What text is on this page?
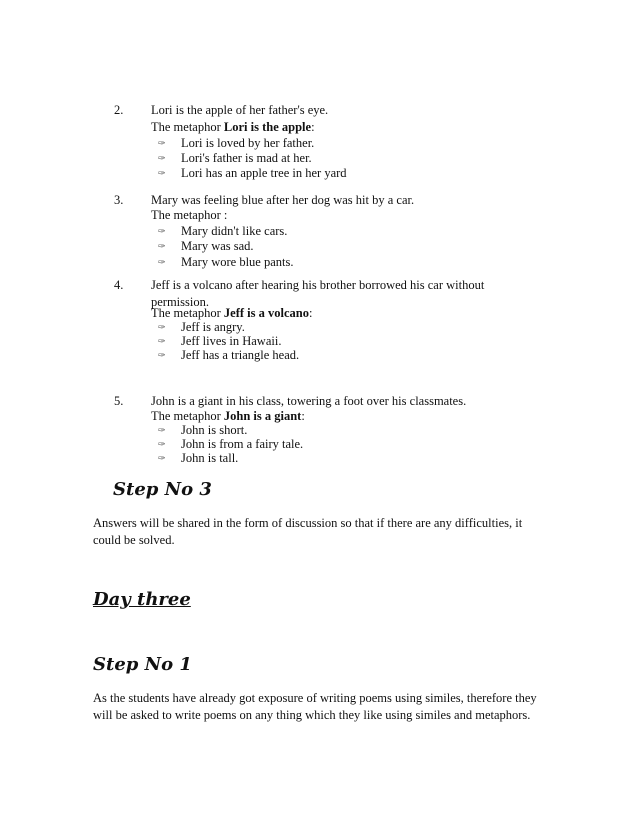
2. Lori is the apple of her father's eye.
The metaphor Lori is the apple:
✑ Lori is loved by her father.
✑ Lori's father is mad at her.
✑ Lori has an apple tree in her yard
3. Mary was feeling blue after her dog was hit by a car.
The metaphor :
✑ Mary didn't like cars.
✑ Mary was sad.
✑ Mary wore blue pants.
4. Jeff is a volcano after hearing his brother borrowed his car without
permission.
The metaphor Jeff is a volcano:
✑ Jeff is angry.
✑ Jeff lives in Hawaii.
✑ Jeff has a triangle head.
5. John is a giant in his class, towering a foot over his classmates.
The metaphor John is a giant:
✑ John is short.
✑ John is from a fairy tale.
✑ John is tall.
Step No 3
Answers will be shared in the form of discussion so that if there are any difficulties, it
could be solved.
Day three
Step No 1
As the students have already got exposure of writing poems using similes, therefore they
will be asked to write poems on any thing which they like using similes and metaphors.
